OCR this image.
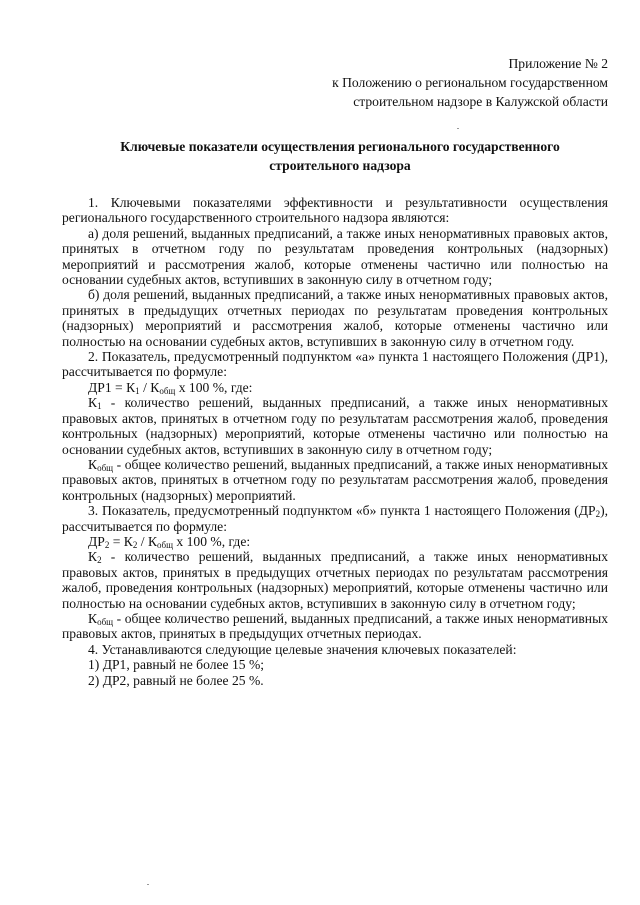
Приложение № 2
к Положению о региональном государственном
строительном надзоре в Калужской области
Ключевые показатели осуществления регионального государственного
строительного надзора

1. Ключевыми показателями эффективности и результативности осуществления регионального государственного строительного надзора являются:

а) доля решений, выданных предписаний, а также иных ненормативных правовых актов, принятых в отчетном году по результатам проведения контрольных (надзорных) мероприятий и рассмотрения жалоб, которые отменены частично или полностью на основании судебных актов, вступивших в законную силу в отчетном году;

б) доля решений, выданных предписаний, а также иных ненормативных правовых актов, принятых в предыдущих отчетных периодах по результатам проведения контрольных (надзорных) мероприятий и рассмотрения жалоб, которые отменены частично или полностью на основании судебных актов, вступивших в законную силу в отчетном году.

2. Показатель, предусмотренный подпунктом «а» пункта 1 настоящего Положения (ДР1), рассчитывается по формуле:

$ДР1 = К_1 / К_{общ}$ х 100 %, где:

$К_1$ - количество решений, выданных предписаний, а также иных ненормативных правовых актов, принятых в отчетном году по результатам рассмотрения жалоб, проведения контрольных (надзорных) мероприятий, которые отменены частично или полностью на основании судебных актов, вступивших в законную силу в отчетном году;

$К_{общ}$ - общее количество решений, выданных предписаний, а также иных ненормативных правовых актов, принятых в отчетном году по результатам рассмотрения жалоб, проведения контрольных (надзорных) мероприятий.

3. Показатель, предусмотренный подпунктом «б» пункта 1 настоящего Положения $(ДР_2)$, рассчитывается по формуле:

$ДР_2 = К_2 / К_{общ}$ х 100 %, где:

$К_2$ - количество решений, выданных предписаний, а также иных ненормативных правовых актов, принятых в предыдущих отчетных периодах по результатам рассмотрения жалоб, проведения контрольных (надзорных) мероприятий, которые отменены частично или полностью на основании судебных актов, вступивших в законную силу в отчетном году;

$К_{общ}$ - общее количество решений, выданных предписаний, а также иных ненормативных правовых актов, принятых в предыдущих отчетных периодах.

4. Устанавливаются следующие целевые значения ключевых показателей:

1) ДР1, равный не более 15 %;

2) ДР2, равный не более 25 %.
